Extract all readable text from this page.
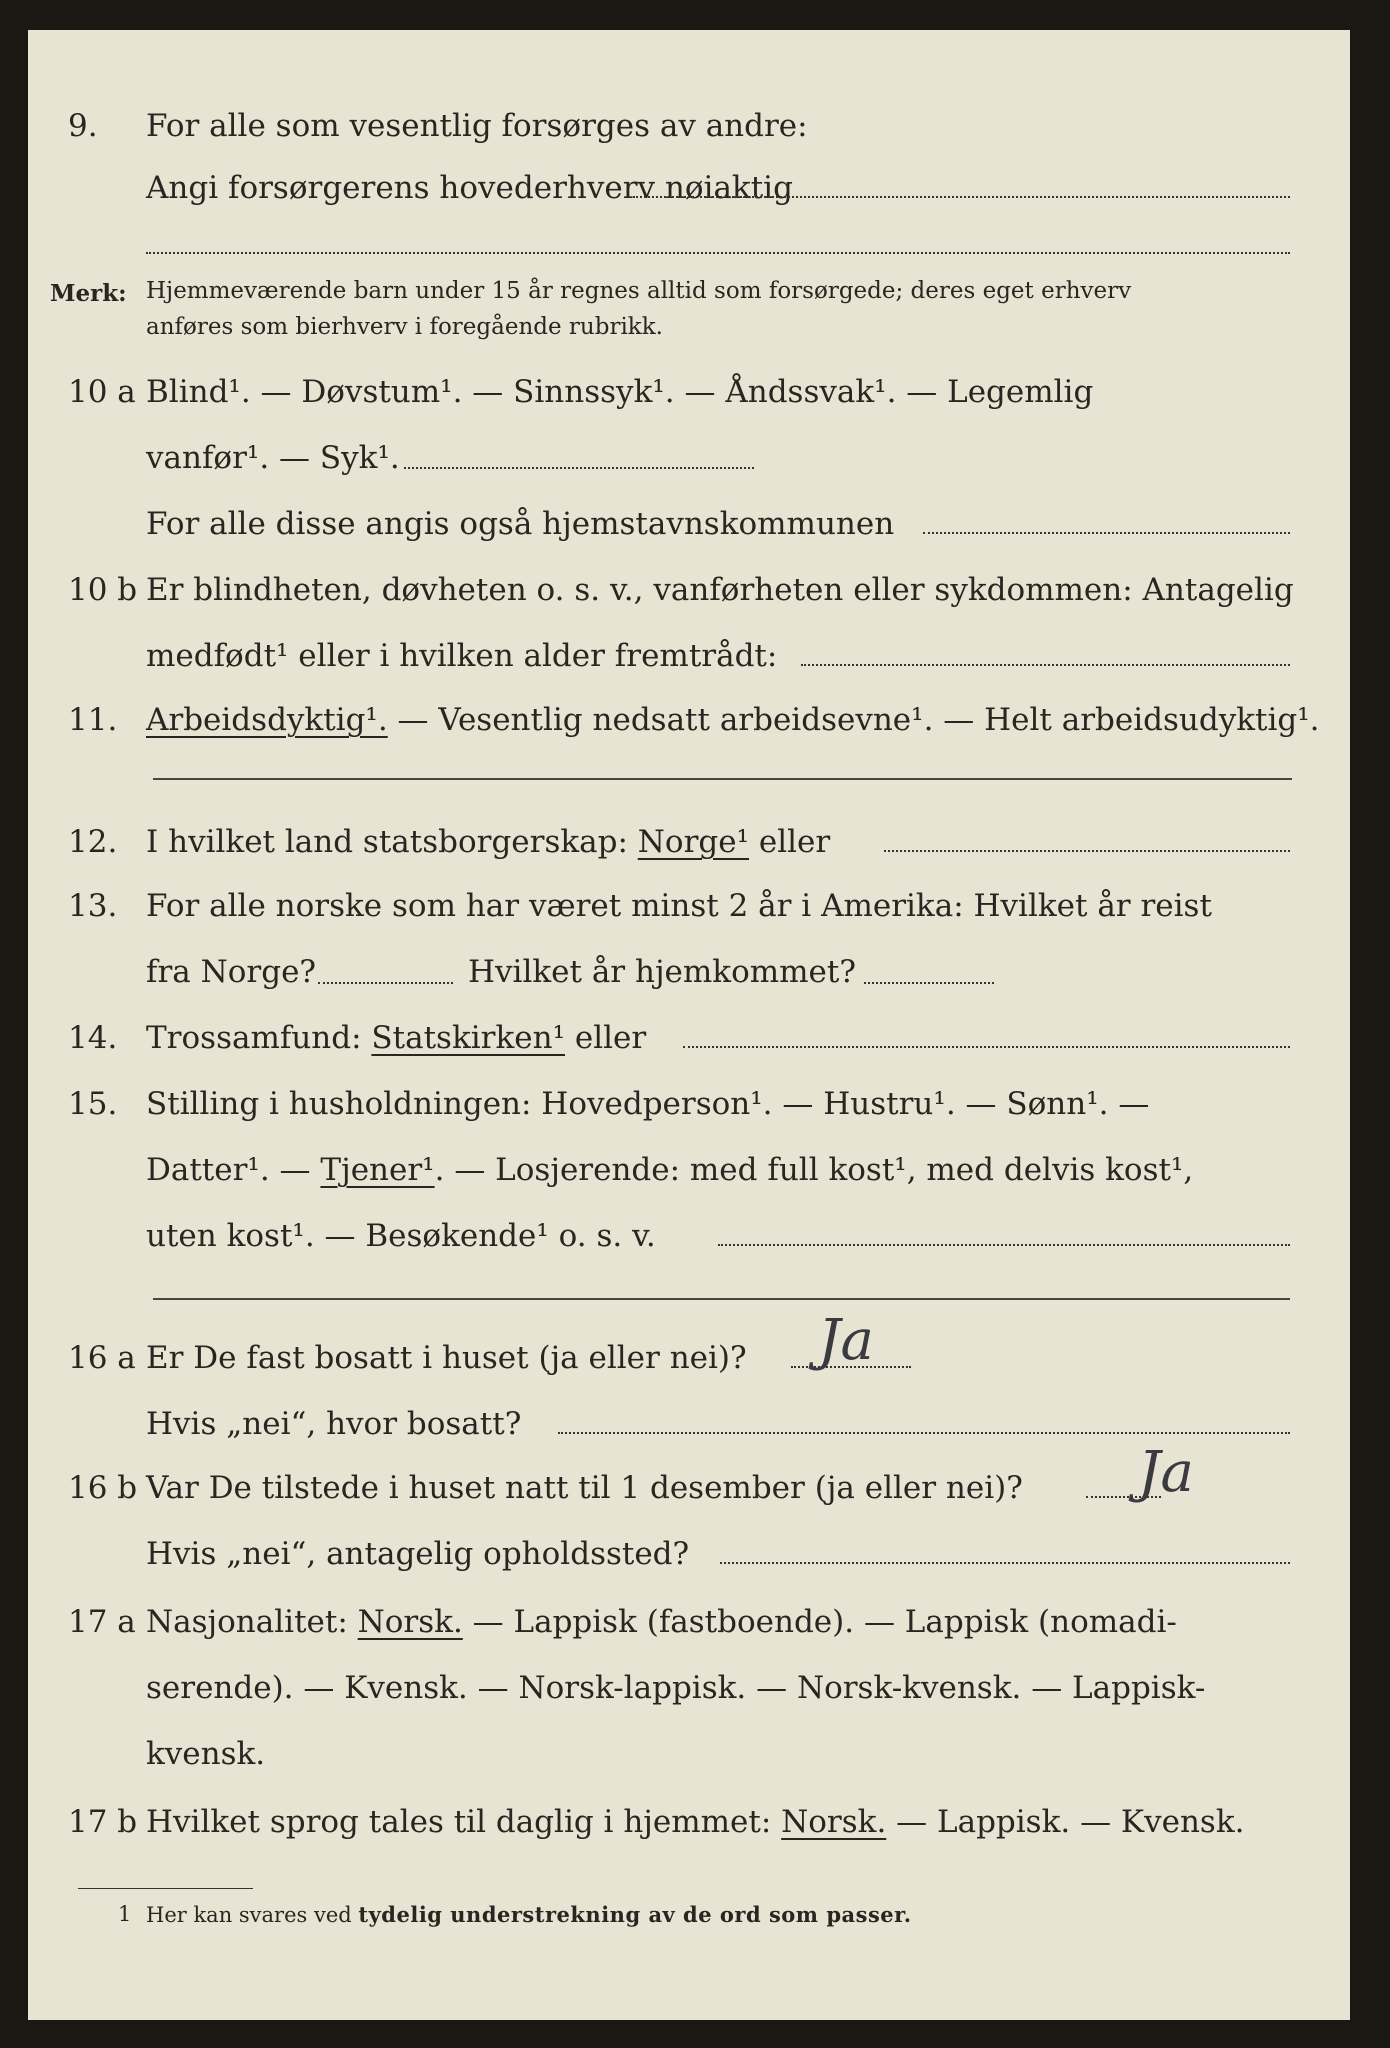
9. For alle som vesentlig forsørges av andre:
Angi forsørgerens hovederhverv nøiaktig
Merk: Hjemmeværende barn under 15 år regnes alltid som forsørgede; deres eget erhverv
anføres som bierhverv i foregående rubrikk.
10 a Blind¹. — Døvstum¹. — Sinnssyk¹. — Åndssvak¹. — Legemlig
vanfør¹. — Syk¹.
For alle disse angis også hjemstavnskommunen
10 b Er blindheten, døvheten o. s. v., vanførheten eller sykdommen: Antagelig
medfødt¹ eller i hvilken alder fremtrådt:
11. Arbeidsdyktig¹. — Vesentlig nedsatt arbeidsevne¹. — Helt arbeidsudyktig¹.
12. I hvilket land statsborgerskap: Norge¹ eller
13. For alle norske som har været minst 2 år i Amerika: Hvilket år reist
fra Norge?	Hvilket år hjemkommet?
14. Trossamfund: Statskirken¹ eller
15. Stilling i husholdningen: Hovedperson¹. — Hustru¹. — Sønn¹. —
Datter¹. — Tjener¹. — Losjerende: med full kost¹, med delvis kost¹,
uten kost¹. — Besøkende¹ o. s. v.
16 a Er De fast bosatt i huset (ja eller nei)? Ja
Hvis „nei“, hvor bosatt?
16 b Var De tilstede i huset natt til 1 desember (ja eller nei)? Ja
Hvis „nei“, antagelig opholdssted?
17 a Nasjonalitet: Norsk. — Lappisk (fastboende). — Lappisk (nomadi-
serende). — Kvensk. — Norsk-lappisk. — Norsk-kvensk. — Lappisk-
kvensk.
17 b Hvilket sprog tales til daglig i hjemmet: Norsk. — Lappisk. — Kvensk.
1 Her kan svares ved tydelig understrekning av de ord som passer.
